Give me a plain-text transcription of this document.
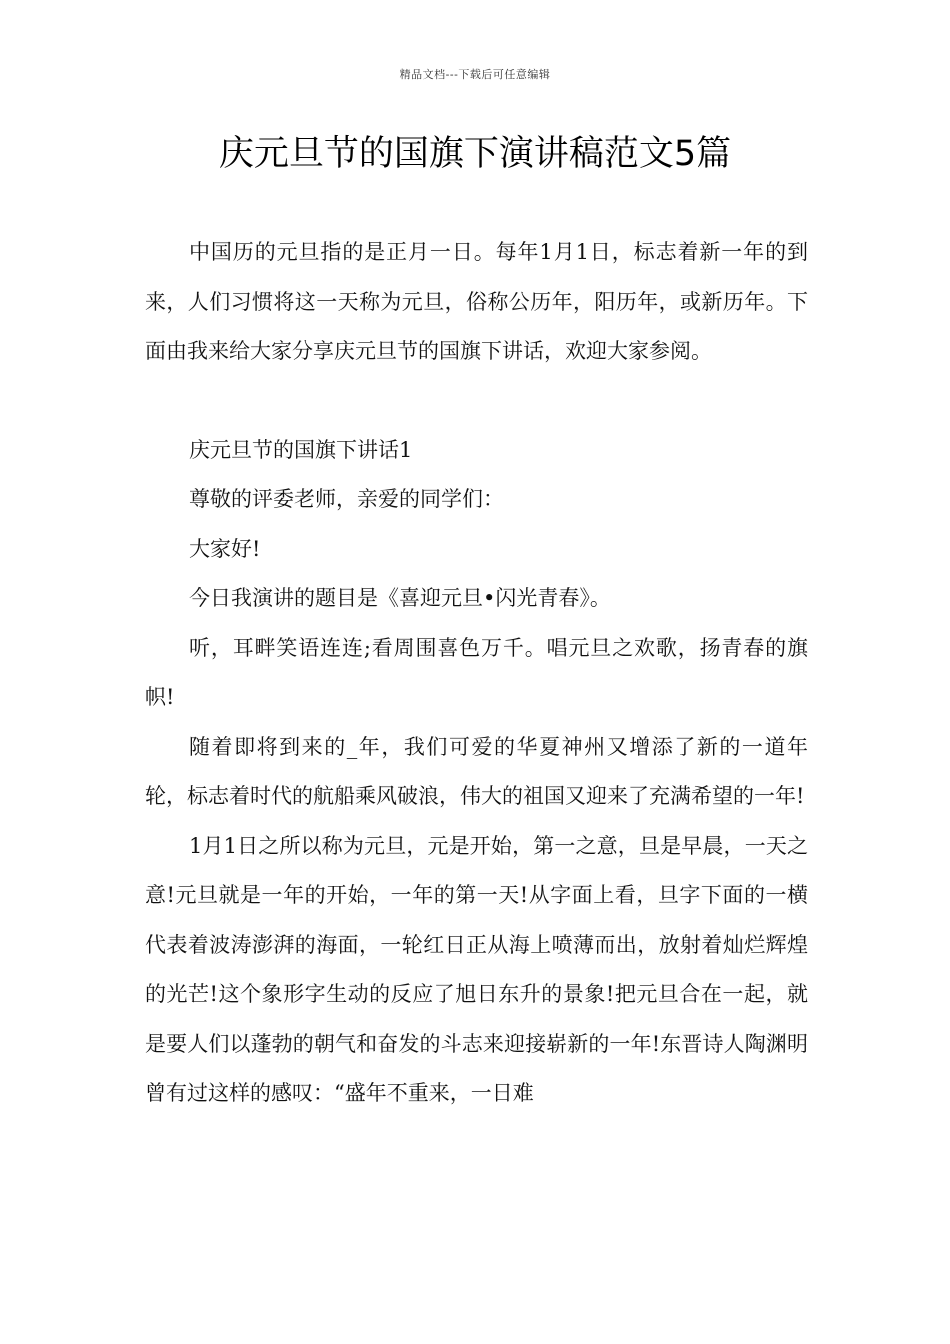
精品文档---下载后可任意编辑
庆元旦节的国旗下演讲稿范文5篇

中国历的元旦指的是正月一日。每年1月1日，标志着新一年的到来，人们习惯将这一天称为元旦，俗称公历年，阳历年，或新历年。下面由我来给大家分享庆元旦节的国旗下讲话，欢迎大家参阅。

庆元旦节的国旗下讲话1

尊敬的评委老师，亲爱的同学们：

大家好!

今日我演讲的题目是《喜迎元旦•闪光青春》。

听，耳畔笑语连连;看周围喜色万千。唱元旦之欢歌，扬青春的旗帜!

随着即将到来的_年，我们可爱的华夏神州又增添了新的一道年轮，标志着时代的航船乘风破浪，伟大的祖国又迎来了充满希望的一年!

1月1日之所以称为元旦，元是开始，第一之意，旦是早晨，一天之意!元旦就是一年的开始，一年的第一天!从字面上看，旦字下面的一横代表着波涛澎湃的海面，一轮红日正从海上喷薄而出，放射着灿烂辉煌的光芒!这个象形字生动的反应了旭日东升的景象!把元旦合在一起，就是要人们以蓬勃的朝气和奋发的斗志来迎接崭新的一年!东晋诗人陶渊明曾有过这样的感叹：“盛年不重来，一日难
